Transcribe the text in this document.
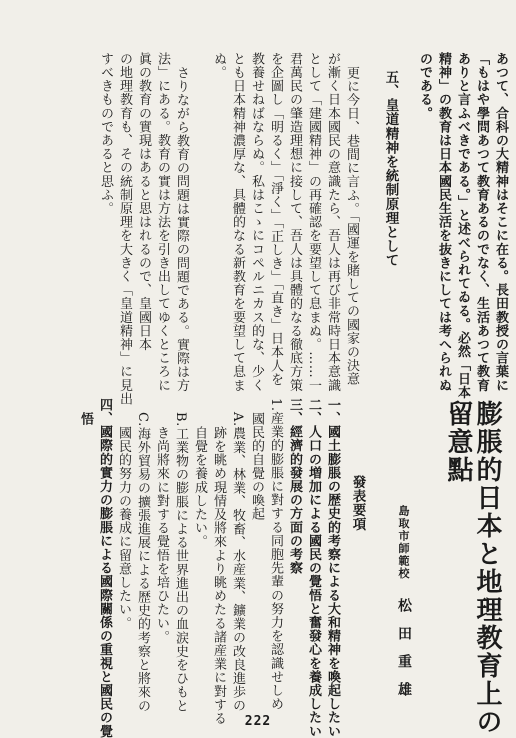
あつて、合科の大精神はそこに在る。長田教授の言葉に
「もはや學問あつて教育あるのでなく、生活あつて教育
ありと言ふべきである。」と述べられてゐる。必然「日本
精神」の教育は日本國民生活を抜きにしては考へられぬ
のである。
五、皇道精神を統制原理として
更に今日、巷間に言ふ。「國運を賭しての國家の決意
が漸く日本國民の意識たら、吾人は再び非常時日本意識
として「建國精神」の再確認を要望して息まぬ。……一
君萬民の肇造理想に接して、吾人は具體的なる徹底方策
を企圖し「明るく」「淨く」「正しき」「直き」日本人を
教養せねばならぬ。私はこゝにコペルニカス的な、少く
とも日本精神濃厚な、具體的なる新教育を要望して息ま
ぬ。
さりながら教育の問題は實際の問題である。實際は方
法」にある。教育の實は方法を引き出してゆくところに
眞の教育の實現はあると思はれるので、皇國日本
の地理教育も、その統制原理を大きく「皇道精神」に見出
すべきものであると思ふ。
膨脹的日本と地理教育上の
留意點
島取市師範校
松田重雄
發表要項
一、國土膨脹の歴史的考察による大和精神を喚起したい
二、人口の増加による國民の覺悟と奮發心を養成したい
三、經濟的發展の方面の考察
1.産業的膨脹に對する同胞先輩の努力を認識せしめ
國民的自覺の喚起
A.農業、林業、牧畜、水産業、鑛業の改良進歩の
跡を眺め現情及將來より眺めたる諸産業に對する
自覺を養成したい。
B.工業物の膨脹による世界進出の血涙史をひもと
き尚將來に對する覺悟を培ひたい。
C.海外貿易の擴張進展による歴史的考察と將來の
國民的努力の養成に留意したい。
四、國際的實力の膨脹による國際關係の重視と國民の覺
悟
222
